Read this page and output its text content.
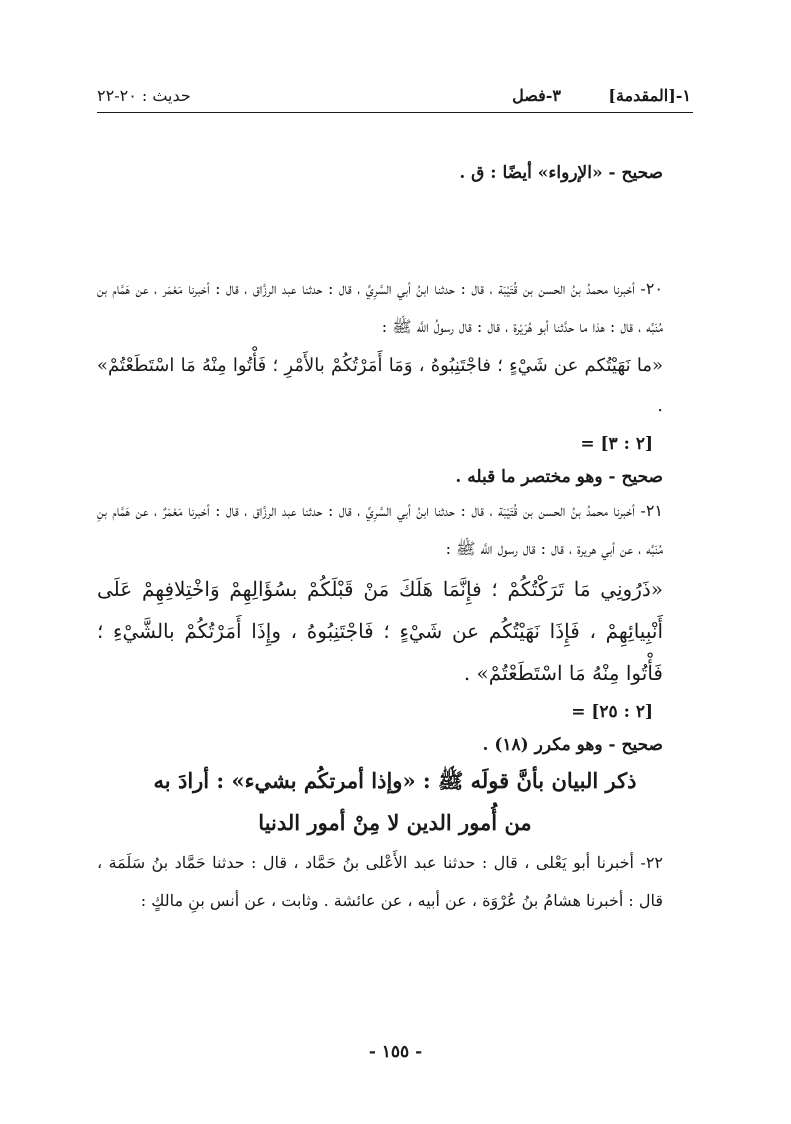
١-[المقدمة]
٣-فصل
حديث : ٢٠-٢٢

صحيح - «الإرواء» أيضًا : ق .

٢٠- أخبرنا محمدُ بنُ الحسن بن قُتَيْبَة ، قال : حدثنا ابنُ أبي السَّرِيِّ ، قال : حدثنا عبد الرزَّاق ، قال : أخبرنا مَعْمَر ، عن هَمَّام بن مُنَبِّه ، قال : هذا ما حدَّثنا أبو هُرَيْرة ، قال : قال رسولُ اللَّه ﷺ :

«ما نَهَيْتُكم عن شَيْءٍ ؛ فاجْتَنِبُوهُ ، وَمَا أَمَرْتُكُمْ بالأَمْرِ ؛ فَأْتُوا مِنْهُ مَا اسْتَطَعْتُمْ» .

= [٢ : ٣]

صحيح - وهو مختصر ما قبله .

٢١- أخبرنا محمدُ بنُ الحسن بن قُتَيْبَة ، قال : حدثنا ابنُ أبي السَّرِيِّ ، قال : حدثنا عبد الرزَّاق ، قال : أخبرنا مَعْمَرٌ ، عن هَمَّام بنِ مُنَبِّه ، عن أبي هريرة ، قال : قال رسول اللَّه ﷺ :

«ذَرُونِي مَا تَرَكْتُكُمْ ؛ فإِنَّمَا هَلَكَ مَنْ قَبْلَكُمْ بسُؤَالِهِمْ وَاخْتِلافِهِمْ عَلَى أَنْبِيائِهِمْ ، فَإِذَا نَهَيْتُكُم عن شَيْءٍ ؛ فَاجْتَنِبُوهُ ، وإِذَا أَمَرْتُكُمْ بالشَّيْءِ ؛ فَأْتُوا مِنْهُ مَا اسْتَطَعْتُمْ» .

= [٢ : ٢٥]

صحيح - وهو مكرر (١٨) .

ذكر البيان بأنَّ قولَه ﷺ : «وإذا أمرتكُم بشيء» : أرادَ به

من أُمور الدين لا مِنْ أمور الدنيا

٢٢- أخبرنا أبو يَعْلى ، قال : حدثنا عبد الأَعْلى بنُ حَمَّاد ، قال : حدثنا حَمَّاد بنُ سَلَمَة ، قال : أخبرنا هشامُ بنُ عُرْوَة ، عن أبيه ، عن عائشة . وثابت ، عن أنس بنِ مالكٍ :

- ١٥٥ -
